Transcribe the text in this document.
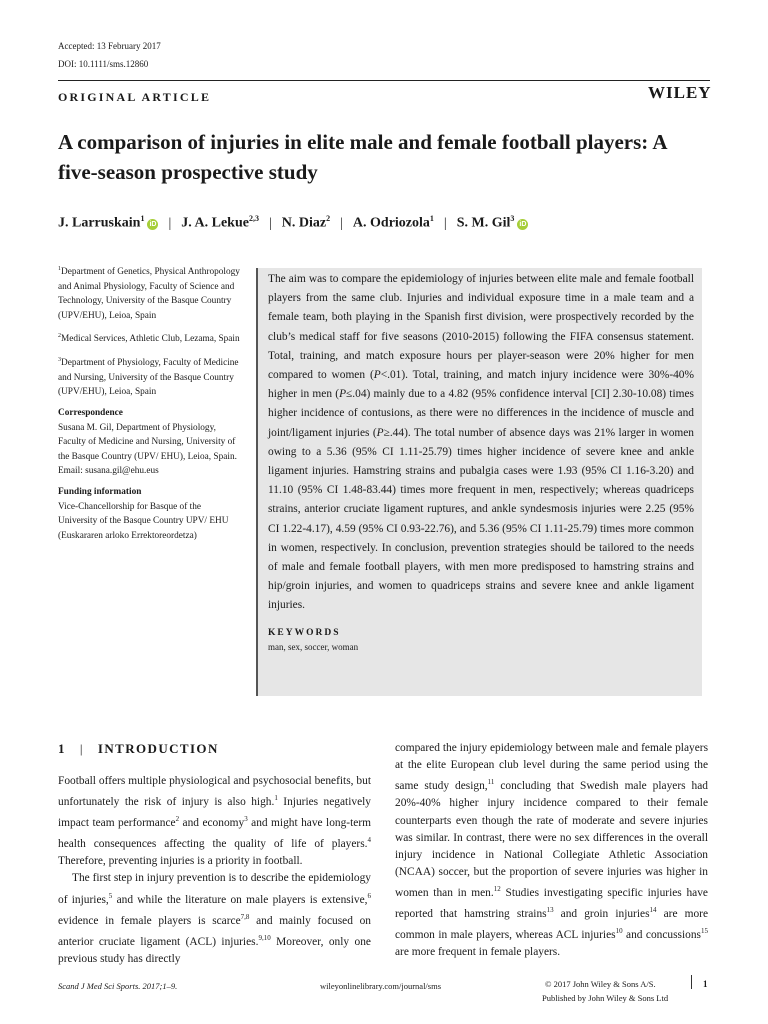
Accepted: 13 February 2017
DOI: 10.1111/sms.12860
ORIGINAL ARTICLE	WILEY
A comparison of injuries in elite male and female football players: A five-season prospective study
J. Larruskain$^1$iD | J. A. Lekue$^{2,3}$ | N. Diaz$^2$ | A. Odriozola$^1$ | S. M. Gil$^3$iD

$^1$Department of Genetics, Physical Anthropology and Animal Physiology, Faculty of Science and Technology, University of the Basque Country (UPV/EHU), Leioa, Spain

$^2$Medical Services, Athletic Club, Lezama, Spain

$^3$Department of Physiology, Faculty of Medicine and Nursing, University of the Basque Country (UPV/EHU), Leioa, Spain

Correspondence

Susana M. Gil, Department of Physiology, Faculty of Medicine and Nursing, University of the Basque Country (UPV/ EHU), Leioa, Spain.
Email: susana.gil@ehu.eus

Funding information

Vice-Chancellorship for Basque of the University of the Basque Country UPV/ EHU (Euskararen arloko Errektoreordetza)

The aim was to compare the epidemiology of injuries between elite male and female football players from the same club. Injuries and individual exposure time in a male team and a female team, both playing in the Spanish first division, were prospectively recorded by the club’s medical staff for five seasons (2010-2015) following the FIFA consensus statement. Total, training, and match exposure hours per player-season were 20% higher for men compared to women (P<.01). Total, training, and match injury incidence were 30%-40% higher in men (P≤.04) mainly due to a 4.82 (95% confidence interval [CI] 2.30-10.08) times higher incidence of contusions, as there were no differences in the incidence of muscle and joint/ligament injuries (P≥.44). The total number of absence days was 21% larger in women owing to a 5.36 (95% CI 1.11-25.79) times higher incidence of severe knee and ankle ligament injuries. Hamstring strains and pubalgia cases were 1.93 (95% CI 1.16-3.20) and 11.10 (95% CI 1.48-83.44) times more frequent in men, respectively; whereas quadriceps strains, anterior cruciate ligament ruptures, and ankle syndesmosis injuries were 2.25 (95% CI 1.22-4.17), 4.59 (95% CI 0.93-22.76), and 5.36 (95% CI 1.11-25.79) times more common in women, respectively. In conclusion, prevention strategies should be tailored to the needs of male and female football players, with men more predisposed to hamstring strains and hip/groin injuries, and women to quadriceps strains and severe knee and ankle ligament injuries.

KEYWORDS
man, sex, soccer, woman
1 | INTRODUCTION

Football offers multiple physiological and psychosocial benefits, but unfortunately the risk of injury is also high.$^1$ Injuries negatively impact team performance$^2$ and economy$^3$ and might have long-term health consequences affecting the quality of life of players.$^4$ Therefore, preventing injuries is a priority in football.

The first step in injury prevention is to describe the epidemiology of injuries,$^5$ and while the literature on male players is extensive,$^6$ evidence in female players is scarce$^{7,8}$ and mainly focused on anterior cruciate ligament (ACL) injuries.$^{9,10}$ Moreover, only one previous study has directly

compared the injury epidemiology between male and female players at the elite European club level during the same period using the same study design,$^{11}$ concluding that Swedish male players had 20%-40% higher injury incidence compared to their female counterparts even though the rate of moderate and severe injuries was similar. In contrast, there were no sex differences in the overall injury incidence in National Collegiate Athletic Association (NCAA) soccer, but the proportion of severe injuries was higher in women than in men.$^{12}$ Studies investigating specific injuries have reported that hamstring strains$^{13}$ and groin injuries$^{14}$ are more common in male players, whereas ACL injuries$^{10}$ and concussions$^{15}$ are more frequent in female players.

Scand J Med Sci Sports. 2017;1–9.	wileyonlinelibrary.com/journal/sms	© 2017 John Wiley & Sons A/S.
Published by John Wiley & Sons Ltd
1
